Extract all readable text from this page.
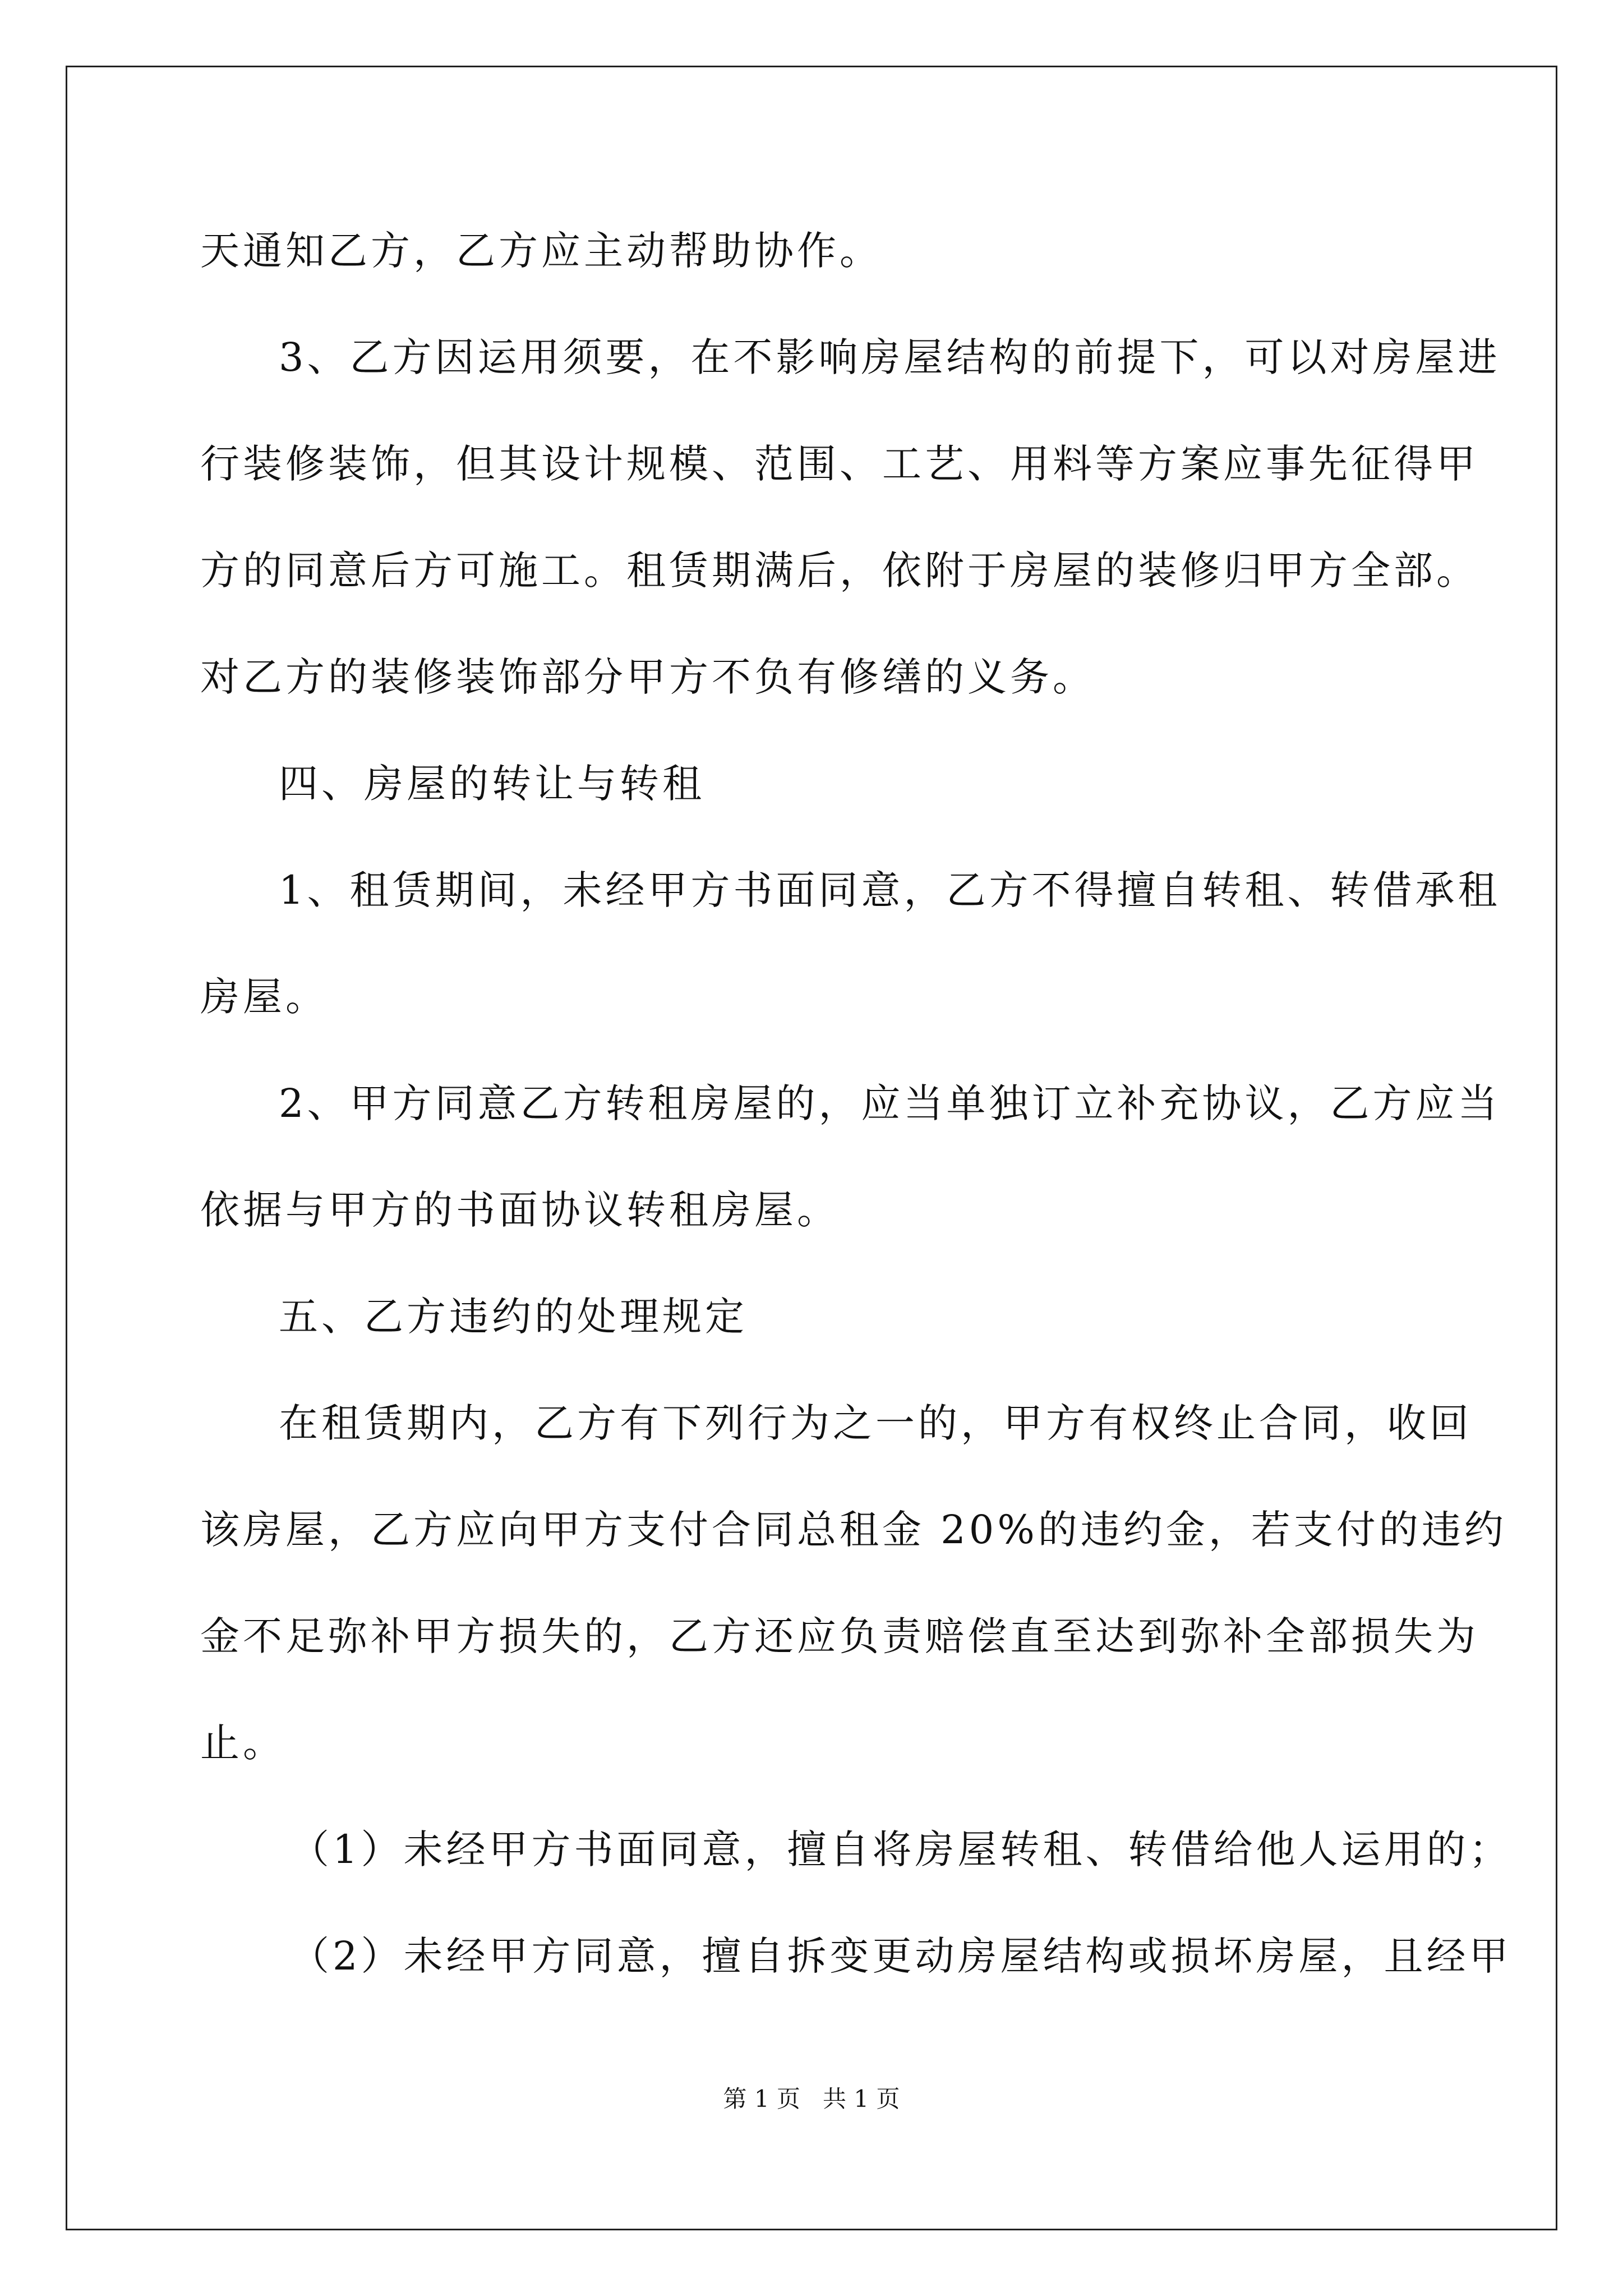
天通知乙方，乙方应主动帮助协作。
3、乙方因运用须要，在不影响房屋结构的前提下，可以对房屋进
行装修装饰，但其设计规模、范围、工艺、用料等方案应事先征得甲
方的同意后方可施工。租赁期满后，依附于房屋的装修归甲方全部。
对乙方的装修装饰部分甲方不负有修缮的义务。
四、房屋的转让与转租
1、租赁期间，未经甲方书面同意，乙方不得擅自转租、转借承租
房屋。
2、甲方同意乙方转租房屋的，应当单独订立补充协议，乙方应当
依据与甲方的书面协议转租房屋。
五、乙方违约的处理规定
在租赁期内，乙方有下列行为之一的，甲方有权终止合同，收回
该房屋，乙方应向甲方支付合同总租金 20%的违约金，若支付的违约
金不足弥补甲方损失的，乙方还应负责赔偿直至达到弥补全部损失为
止。
（1）未经甲方书面同意，擅自将房屋转租、转借给他人运用的；
（2）未经甲方同意，擅自拆变更动房屋结构或损坏房屋，且经甲
第 1 页   共 1 页
